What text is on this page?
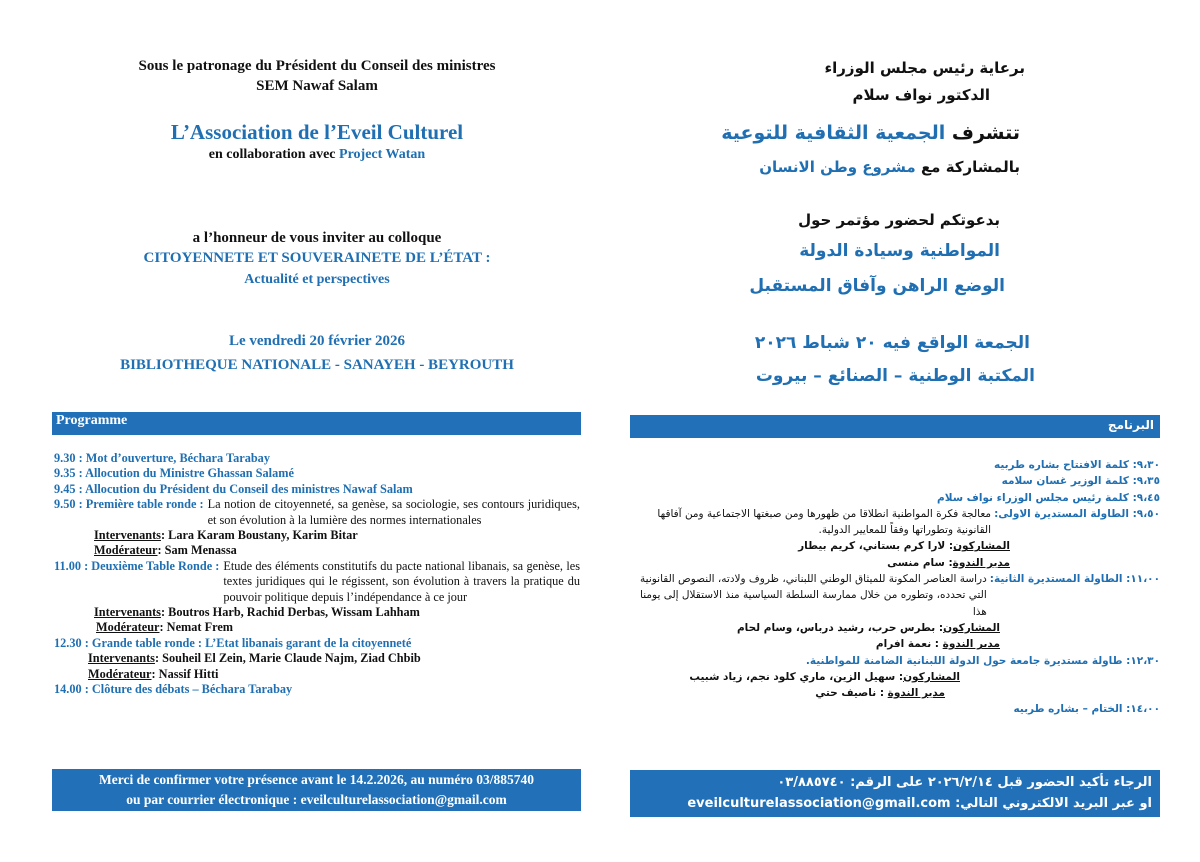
Sous le patronage du Président du Conseil des ministres
SEM Nawaf Salam
L’Association de l’Eveil Culturel
en collaboration avec Project Watan
a l’honneur de vous inviter au colloque
CITOYENNETE ET SOUVERAINETE DE L’ÉTAT :
Actualité et perspectives
Le vendredi 20 février 2026
BIBLIOTHEQUE NATIONALE - SANAYEH - BEYROUTH
Programme
9.30 : Mot d’ouverture, Béchara Tarabay
9.35 : Allocution du Ministre Ghassan Salamé
9.45 : Allocution du Président du Conseil des ministres Nawaf Salam
9.50 : Première table ronde : La notion de citoyenneté, sa genèse, sa sociologie, ses contours juridiques, et son évolution à la lumière des normes internationales
Intervenants: Lara Karam Boustany, Karim Bitar
Modérateur: Sam Menassa
11.00 : Deuxième Table Ronde : Etude des éléments constitutifs du pacte national libanais, sa genèse, les textes juridiques qui le régissent, son évolution à travers la pratique du pouvoir politique depuis l’indépendance à ce jour
Intervenants: Boutros Harb, Rachid Derbas, Wissam Lahham
Modérateur: Nemat Frem
12.30 : Grande table ronde : L’Etat libanais garant de la citoyenneté
Intervenants: Souheil El Zein, Marie Claude Najm, Ziad Chbib
Modérateur: Nassif Hitti
14.00 : Clôture des débats – Béchara Tarabay
Merci de confirmer votre présence avant le 14.2.2026, au numéro 03/885740
ou par courrier électronique : eveilculturelassociation@gmail.com
برعاية رئيس مجلس الوزراء
الدكتور نواف سلام
تتشرف الجمعية الثقافية للتوعية
بالمشاركة مع مشروع وطن الانسان
بدعوتكم لحضور مؤتمر حول
المواطنية وسيادة الدولة
الوضع الراهن وآفاق المستقبل
الجمعة الواقع فيه ٢٠ شباط ٢٠٢٦
المكتبة الوطنية – الصنائع – بيروت
البرنامج
٩،٣٠: كلمة الافتتاح بشاره طربيه
٩،٣٥: كلمة الوزير غسان سلامه
٩،٤٥: كلمة رئيس مجلس الوزراء نواف سلام
٩،٥٠: الطاولة المستديرة الاولى:
معالجة فكرة المواطنية انطلاقا من ظهورها ومن صبغتها الاجتماعية ومن آفاقها القانونية وتطوراتها وفقاً للمعايير الدولية.
المشاركون: لارا كرم بستاني، كريم بيطار
مدير الندوة: سام منسى
١١،٠٠: الطاولة المستديرة الثانية:
دراسة العناصر المكونة للميثاق الوطني اللبناني، ظروف ولادته، النصوص القانونية التي تحدده، وتطوره من خلال ممارسة السلطة السياسية منذ الاستقلال إلى يومنا هذا
المشاركون: بطرس حرب، رشيد درباس، وسام لحام
مدير الندوة : نعمة افرام
١٢،٣٠: طاولة مستديرة جامعة حول الدولة اللبنانية الضامنة للمواطنية.
المشاركون: سهيل الزين، ماري كلود نجم، زياد شبيب
مدير الندوة : ناصيف حتي
١٤،٠٠: الختام – بشاره طربيه
الرجاء تأكيد الحضور قبل ٢٠٢٦/٢/١٤ على الرقم: ٠٣/٨٨٥٧٤٠
او عبر البريد الالكتروني التالي: eveilculturelassociation@gmail.com
